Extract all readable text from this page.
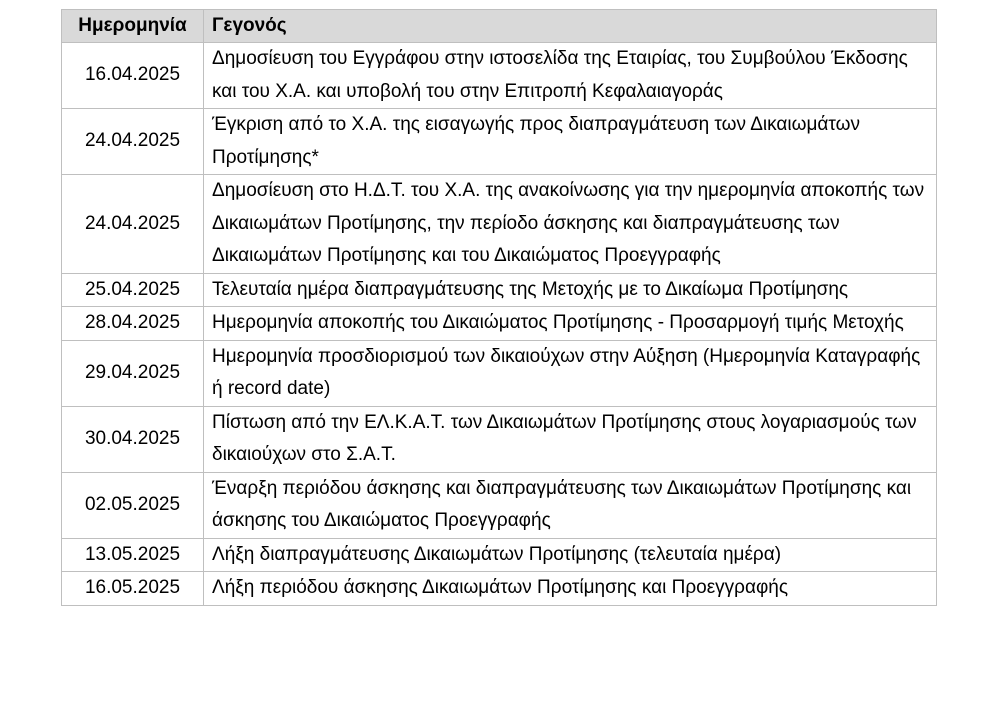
Ημερομηνία	Γεγονός
16.04.2025	Δημοσίευση του Εγγράφου στην ιστοσελίδα της Εταιρίας, του Συμβούλου Έκδοσης και του Χ.Α. και υποβολή του στην Επιτροπή Κεφαλαιαγοράς
24.04.2025	Έγκριση από το Χ.Α. της εισαγωγής προς διαπραγμάτευση των Δικαιωμάτων Προτίμησης*
24.04.2025	Δημοσίευση στο Η.Δ.Τ. του Χ.Α. της ανακοίνωσης για την ημερομηνία αποκοπής των Δικαιωμάτων Προτίμησης, την περίοδο άσκησης και διαπραγμάτευσης των Δικαιωμάτων Προτίμησης και του Δικαιώματος Προεγγραφής
25.04.2025	Τελευταία ημέρα διαπραγμάτευσης της Μετοχής με το Δικαίωμα Προτίμησης
28.04.2025	Ημερομηνία αποκοπής του Δικαιώματος Προτίμησης - Προσαρμογή τιμής Μετοχής
29.04.2025	Ημερομηνία προσδιορισμού των δικαιούχων στην Αύξηση (Ημερομηνία Καταγραφής ή record date)
30.04.2025	Πίστωση από την ΕΛ.Κ.Α.Τ. των Δικαιωμάτων Προτίμησης στους λογαριασμούς των δικαιούχων στο Σ.Α.Τ.
02.05.2025	Έναρξη περιόδου άσκησης και διαπραγμάτευσης των Δικαιωμάτων Προτίμησης και άσκησης του Δικαιώματος Προεγγραφής
13.05.2025	Λήξη διαπραγμάτευσης Δικαιωμάτων Προτίμησης (τελευταία ημέρα)
16.05.2025	Λήξη περιόδου άσκησης Δικαιωμάτων Προτίμησης και Προεγγραφής
